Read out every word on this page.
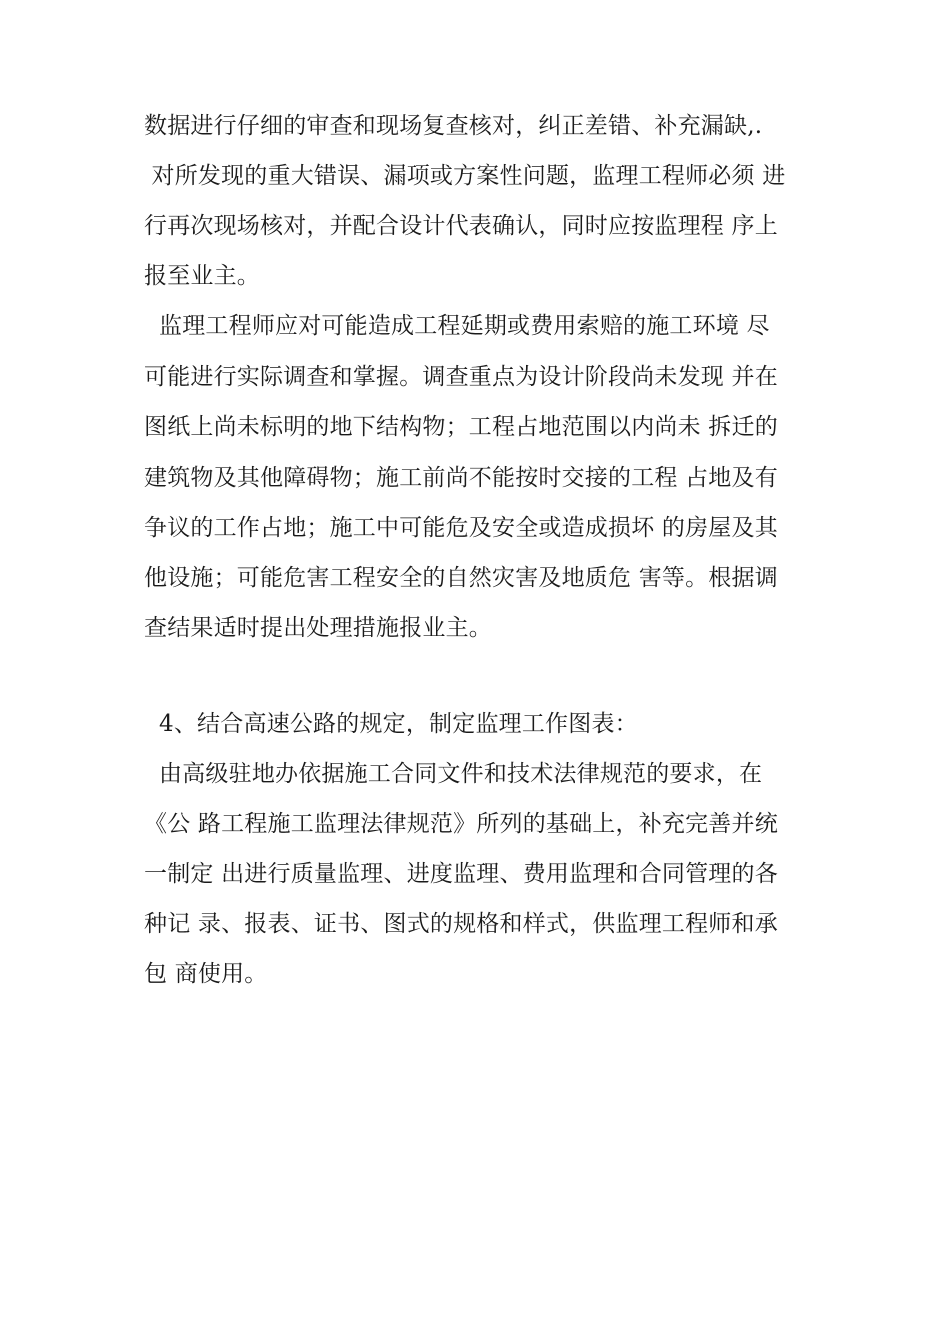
数据进行仔细的审查和现场复查核对，纠正差错、补充漏缺,.

对所发现的重大错误、漏项或方案性问题，监理工程师必须 进

行再次现场核对，并配合设计代表确认，同时应按监理程 序上

报至业主。

监理工程师应对可能造成工程延期或费用索赔的施工环境 尽

可能进行实际调查和掌握。调查重点为设计阶段尚未发现 并在

图纸上尚未标明的地下结构物；工程占地范围以内尚未 拆迁的

建筑物及其他障碍物；施工前尚不能按时交接的工程 占地及有

争议的工作占地；施工中可能危及安全或造成损坏 的房屋及其

他设施；可能危害工程安全的自然灾害及地质危 害等。根据调

查结果适时提出处理措施报业主。

4、结合高速公路的规定，制定监理工作图表：

由高级驻地办依据施工合同文件和技术法律规范的要求，在

《公 路工程施工监理法律规范》所列的基础上，补充完善并统

一制定 出进行质量监理、进度监理、费用监理和合同管理的各

种记 录、报表、证书、图式的规格和样式，供监理工程师和承

包 商使用。
